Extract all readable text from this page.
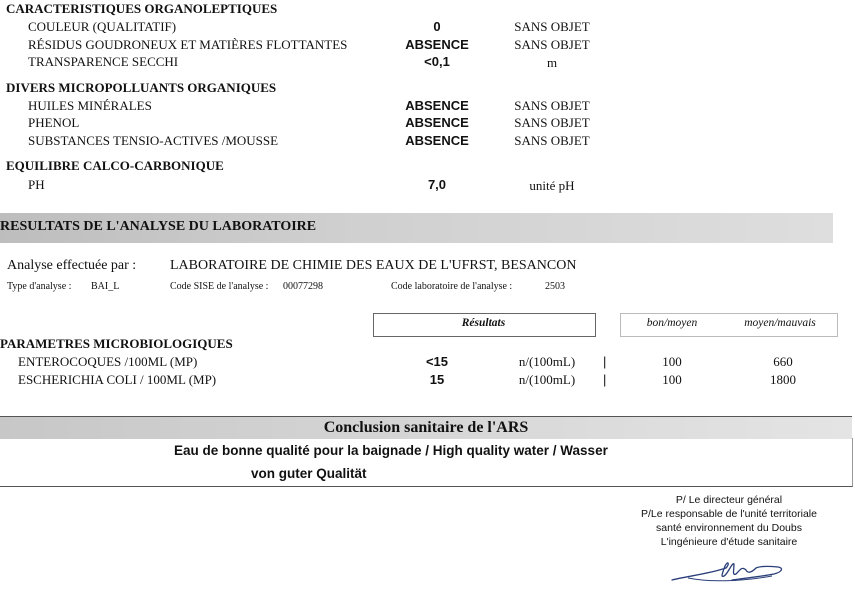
CARACTERISTIQUES ORGANOLEPTIQUES
COULEUR (QUALITATIF)	0	SANS OBJET
RÉSIDUS GOUDRONEUX ET MATIÈRES FLOTTANTES	ABSENCE	SANS OBJET
TRANSPARENCE SECCHI	<0,1	m
DIVERS MICROPOLLUANTS ORGANIQUES
HUILES MINÉRALES	ABSENCE	SANS OBJET
PHENOL	ABSENCE	SANS OBJET
SUBSTANCES TENSIO-ACTIVES /MOUSSE	ABSENCE	SANS OBJET
EQUILIBRE CALCO-CARBONIQUE
PH	7,0	unité pH
RESULTATS DE L'ANALYSE DU LABORATOIRE
Analyse effectuée par : LABORATOIRE DE CHIMIE DES EAUX DE L'UFRST, BESANCON
Type d'analyse : BAI_L	Code SISE de l'analyse : 00077298	Code laboratoire de l'analyse :	2503
Résultats	bon/moyen	moyen/mauvais
PARAMETRES MICROBIOLOGIQUES
ENTEROCOQUES /100ML (MP)	<15	n/(100mL)	|	100	660
ESCHERICHIA COLI / 100ML (MP)	15	n/(100mL)	|	100	1800
Conclusion sanitaire de l'ARS
Eau de bonne qualité pour la baignade / High quality water / Wasser
von guter Qualität
P/ Le directeur général
P/Le responsable de l'unité territoriale
santé environnement du Doubs
L'ingénieure d'étude sanitaire
